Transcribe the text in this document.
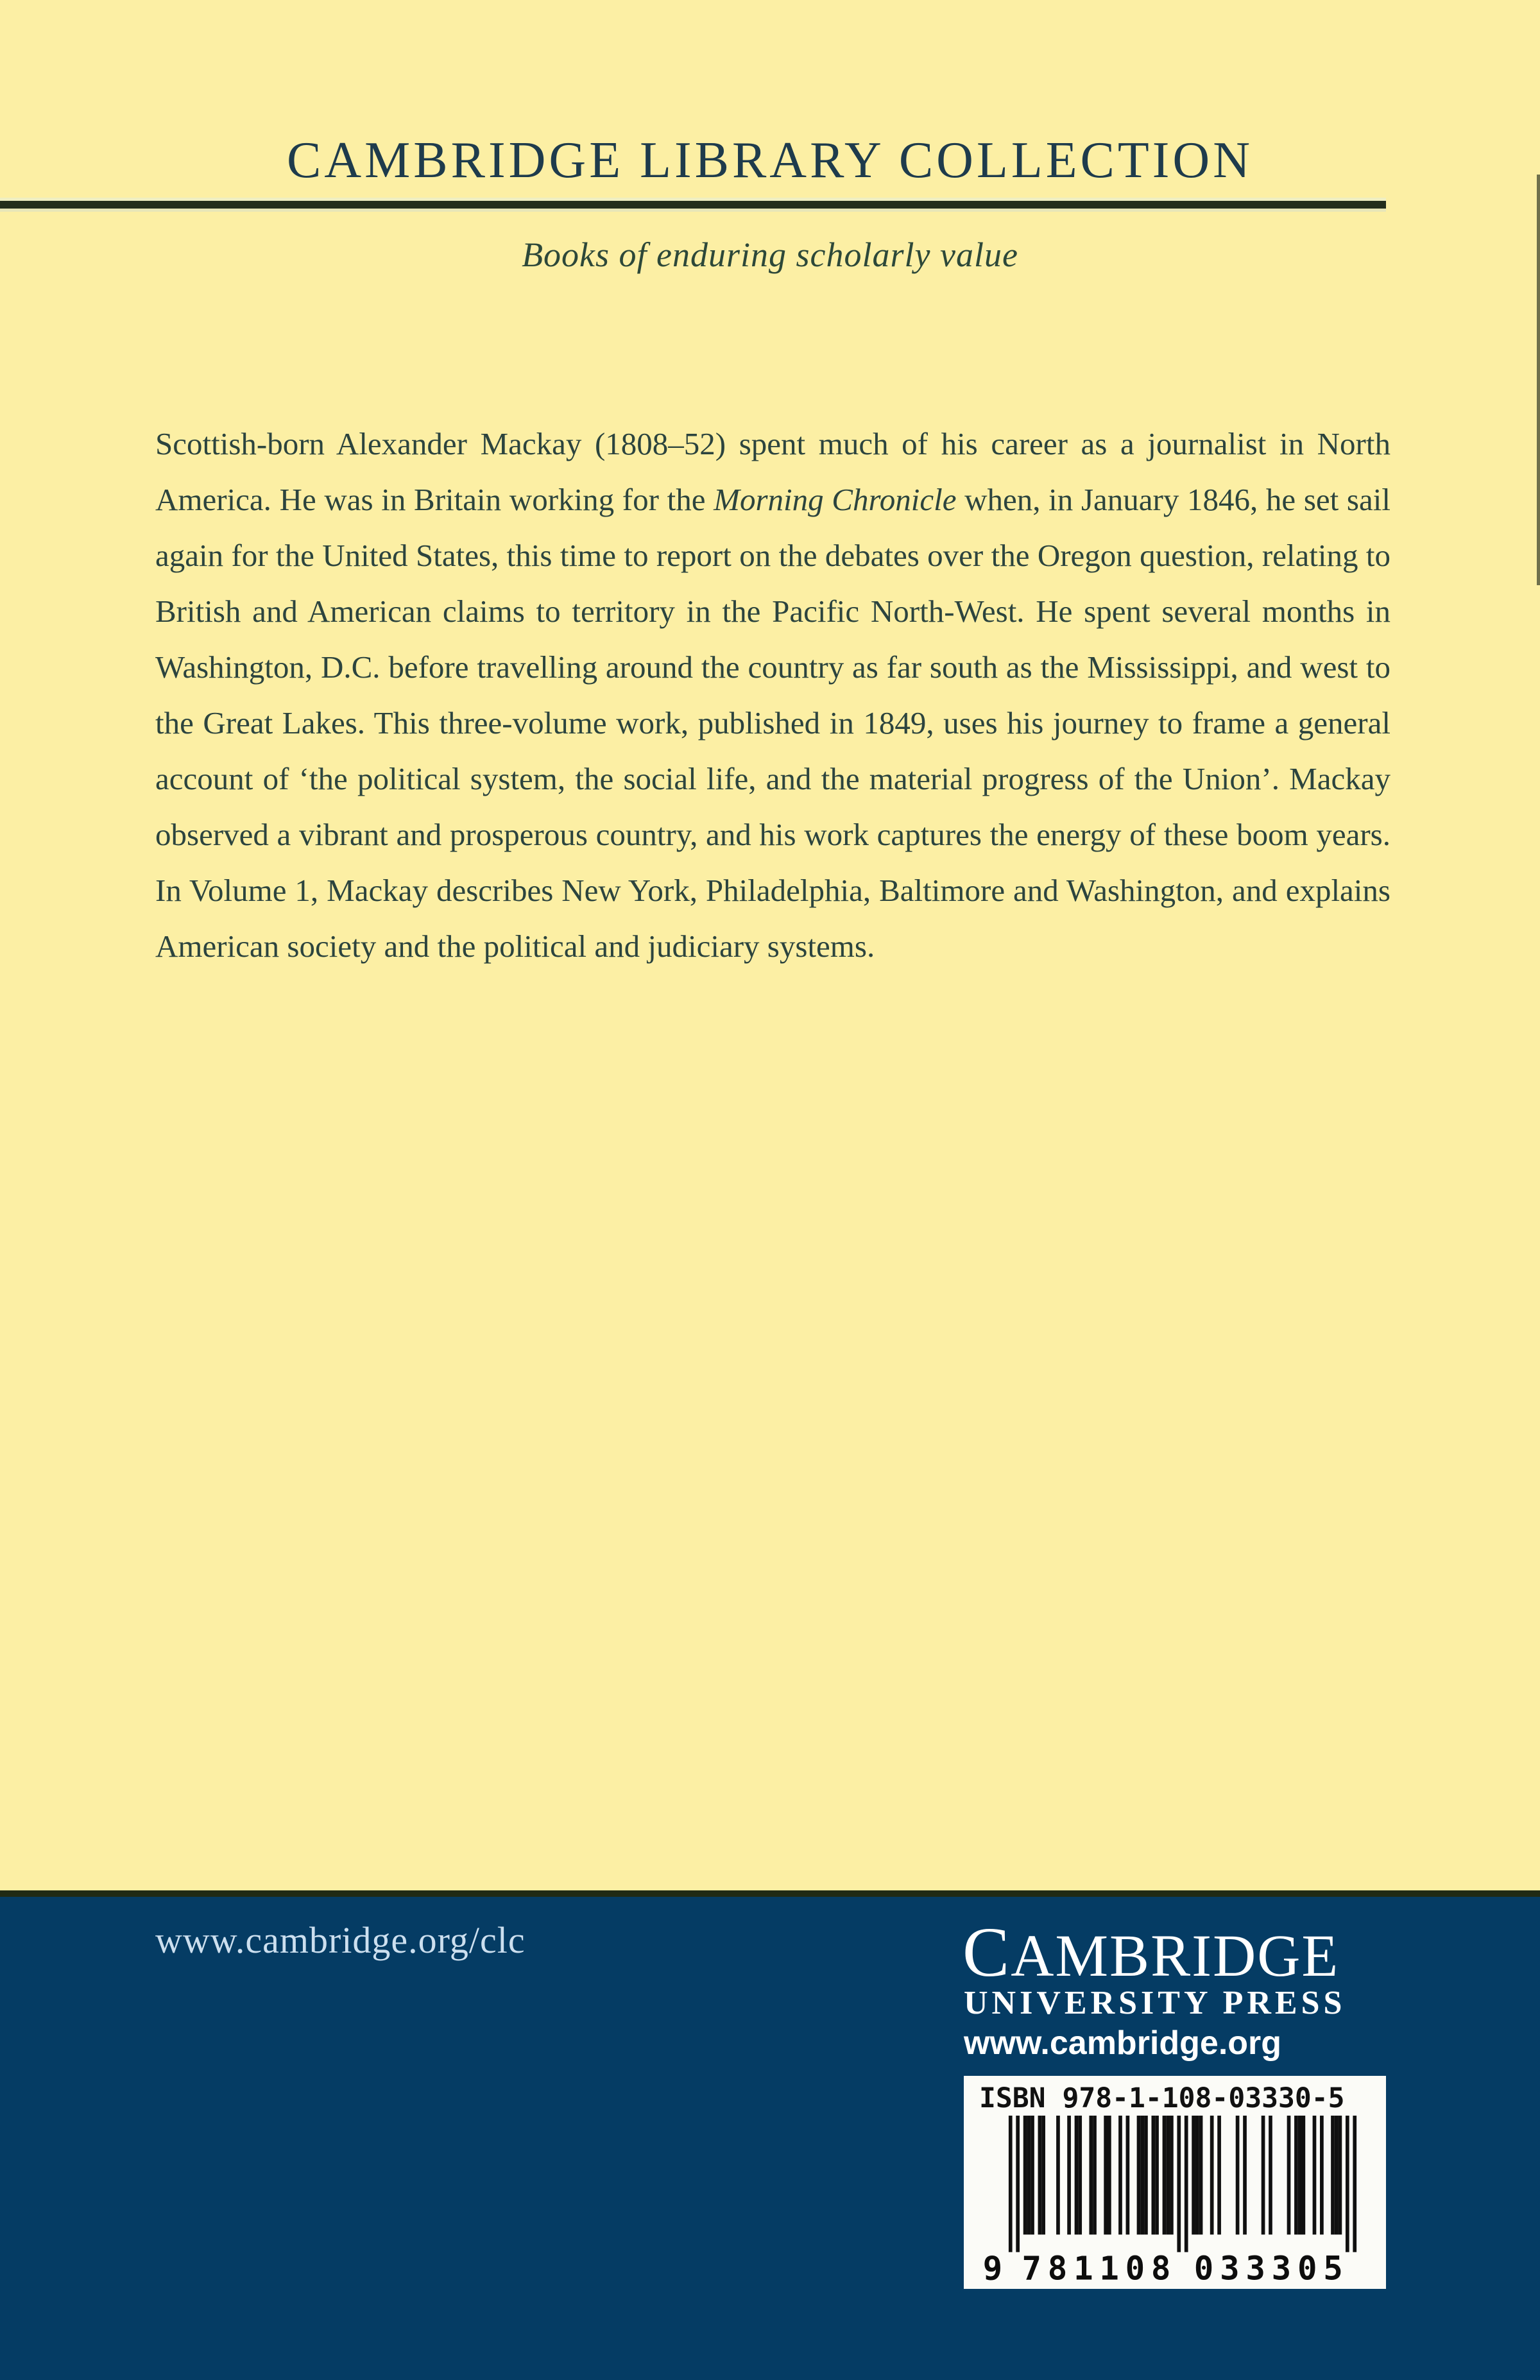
CAMBRIDGE LIBRARY COLLECTION
Books of enduring scholarly value

Scottish-born Alexander Mackay (1808–52) spent much of his career as a journalist in North America. He was in Britain working for the Morning Chronicle when, in January 1846, he set sail again for the United States, this time to report on the debates over the Oregon question, relating to British and American claims to territory in the Pacific North-West. He spent several months in Washington, D.C. before travelling around the country as far south as the Mississippi, and west to the Great Lakes. This three-volume work, published in 1849, uses his journey to frame a general account of ‘the political system, the social life, and the material progress of the Union’. Mackay observed a vibrant and prosperous country, and his work captures the energy of these boom years. In Volume 1, Mackay describes New York, Philadelphia, Baltimore and Washington, and explains American society and the political and judiciary systems.

www.cambridge.org/clc	CAMBRIDGE
UNIVERSITY PRESS
www.cambridge.org
ISBN 978-1-108-03330-5
9 781108 033305
